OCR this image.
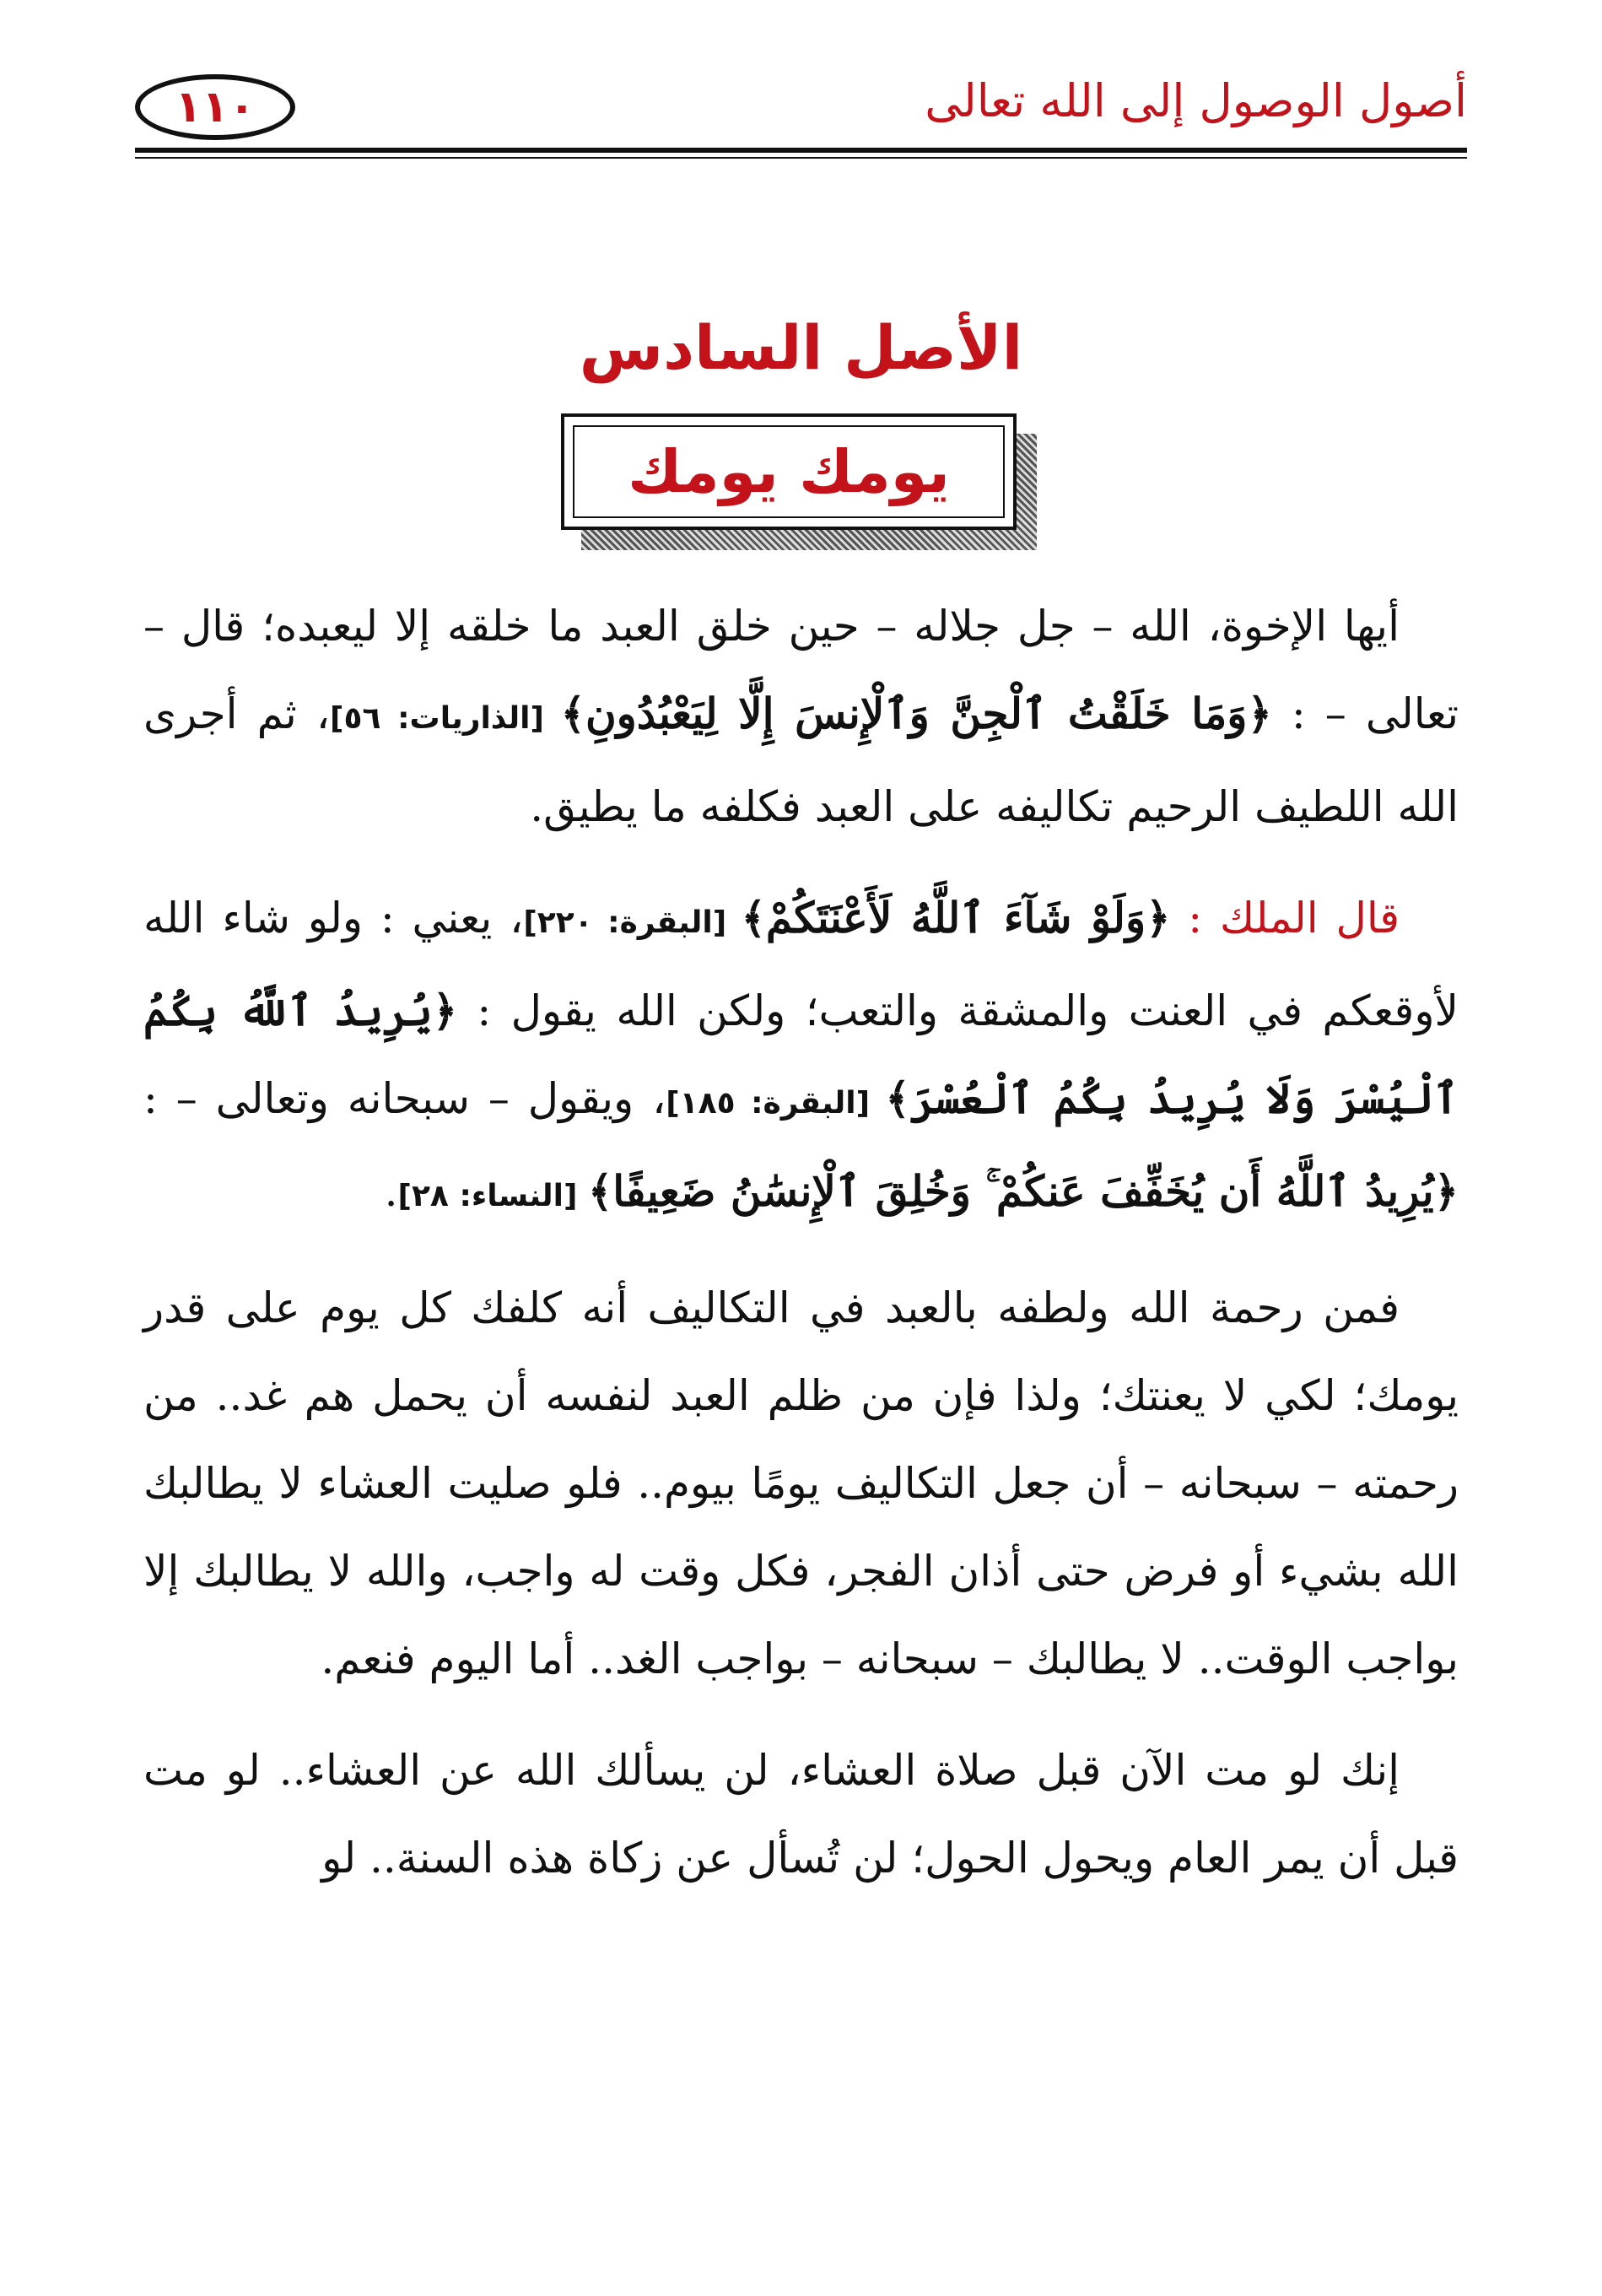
أصول الوصول إلى الله تعالى
١١٠
الأصل السادس
يومك يومك

أيها الإخوة، الله – جل جلاله – حين خلق العبد ما خلقه إلا ليعبده؛ قال – تعالى – : ﴿وَمَا خَلَقْتُ ٱلْجِنَّ وَٱلْإِنسَ إِلَّا لِيَعْبُدُونِ﴾ [الذاريات: ٥٦]، ثم أجرى الله اللطيف الرحيم تكاليفه على العبد فكلفه ما يطيق.

قال الملك : ﴿وَلَوْ شَآءَ ٱللَّهُ لَأَعْنَتَكُمْ﴾ [البقرة: ٢٢٠]، يعني : ولو شاء الله لأوقعكم في العنت والمشقة والتعب؛ ولكن الله يقول : ﴿يُرِيدُ ٱللَّهُ بِكُمُ ٱلْيُسْرَ وَلَا يُرِيدُ بِكُمُ ٱلْعُسْرَ﴾ [البقرة: ١٨٥]، ويقول – سبحانه وتعالى – : ﴿يُرِيدُ ٱللَّهُ أَن يُخَفِّفَ عَنكُمْ ۚ وَخُلِقَ ٱلْإِنسَٰنُ ضَعِيفًا﴾ [النساء: ٢٨].

فمن رحمة الله ولطفه بالعبد في التكاليف أنه كلفك كل يوم على قدر يومك؛ لكي لا يعنتك؛ ولذا فإن من ظلم العبد لنفسه أن يحمل هم غد.. من رحمته – سبحانه – أن جعل التكاليف يومًا بيوم.. فلو صليت العشاء لا يطالبك الله بشيء أو فرض حتى أذان الفجر، فكل وقت له واجب، والله لا يطالبك إلا بواجب الوقت.. لا يطالبك – سبحانه – بواجب الغد.. أما اليوم فنعم.

إنك لو مت الآن قبل صلاة العشاء، لن يسألك الله عن العشاء.. لو مت قبل أن يمر العام ويحول الحول؛ لن تُسأل عن زكاة هذه السنة.. لو
